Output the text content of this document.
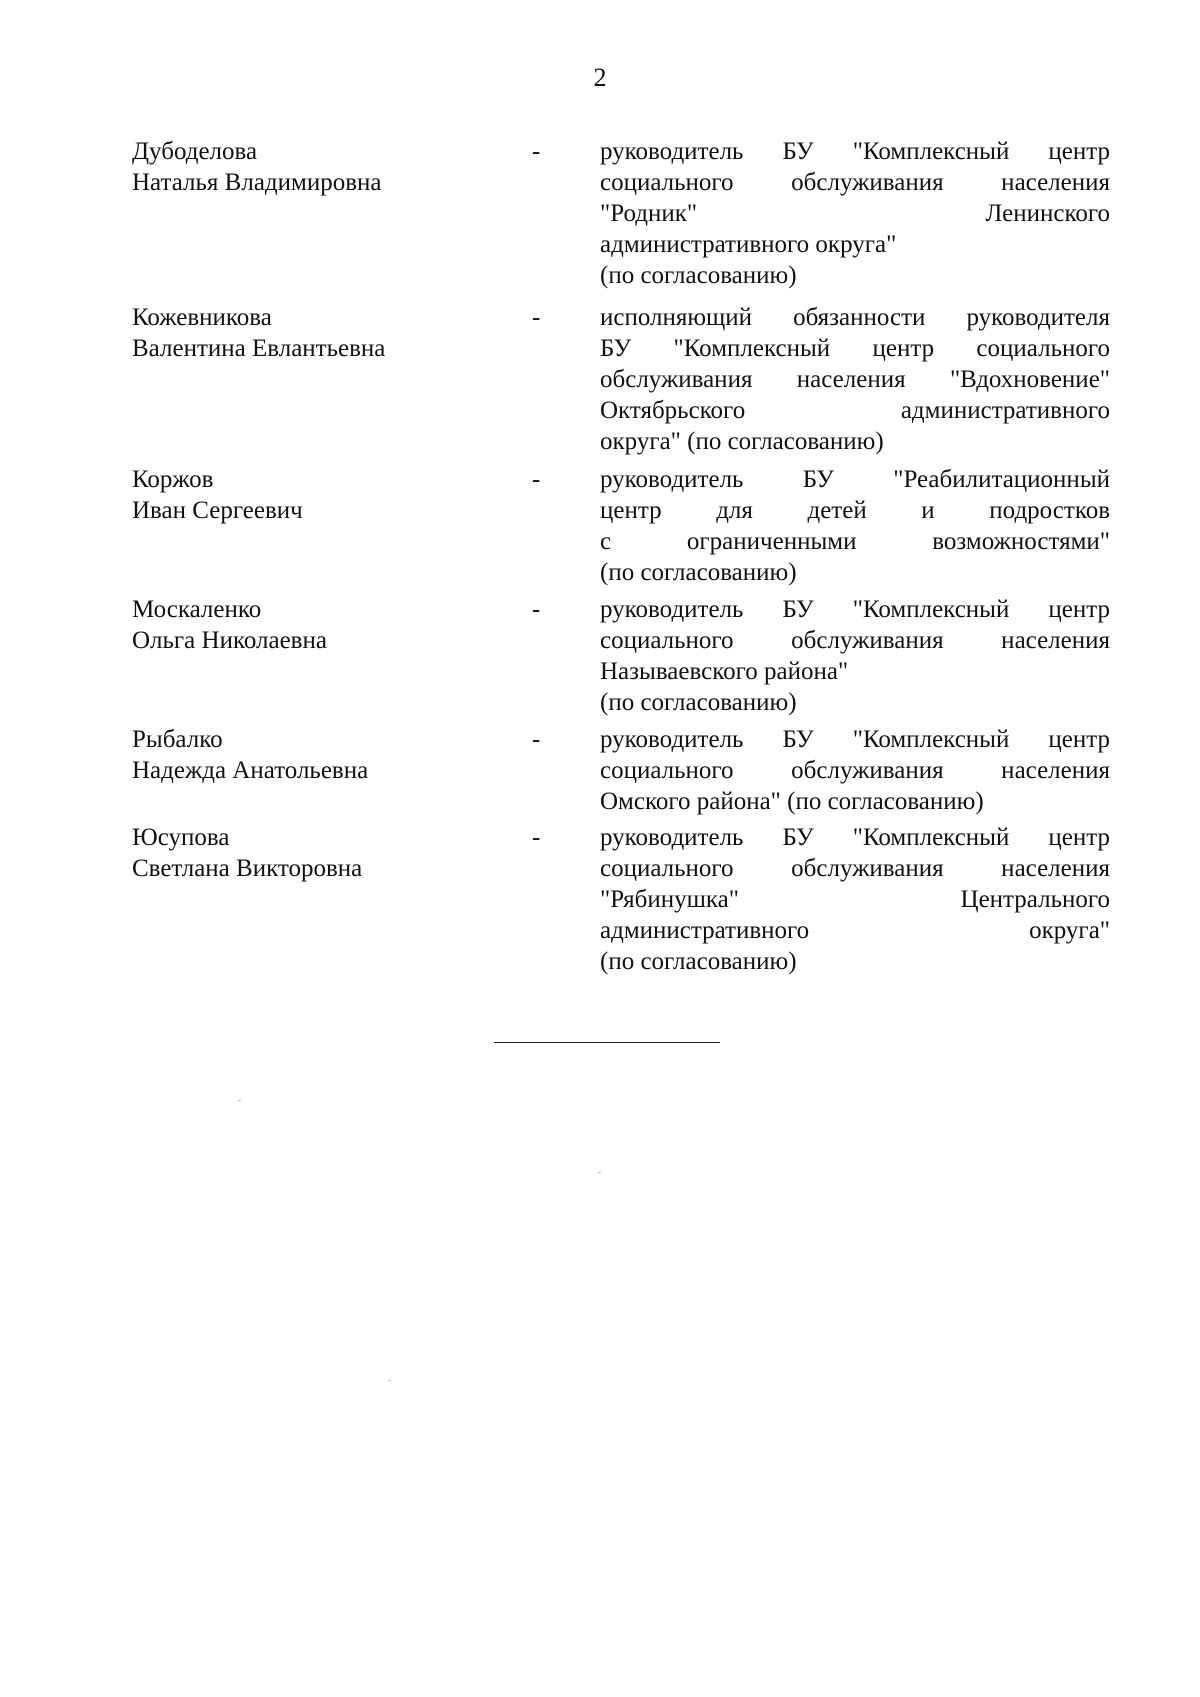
2
Дубоделова
Наталья Владимировна
- руководитель БУ "Комплексный центр
социального обслуживания населения
"Родник" Ленинского
административного округа"
(по согласованию)
Кожевникова
Валентина Евлантьевна
- исполняющий обязанности руководителя
БУ "Комплексный центр социального
обслуживания населения "Вдохновение"
Октябрьского административного
округа" (по согласованию)
Коржов
Иван Сергеевич
- руководитель БУ "Реабилитационный
центр для детей и подростков
с ограниченными возможностями"
(по согласованию)
Москаленко
Ольга Николаевна
- руководитель БУ "Комплексный центр
социального обслуживания населения
Называевского района"
(по согласованию)
Рыбалко
Надежда Анатольевна
- руководитель БУ "Комплексный центр
социального обслуживания населения
Омского района" (по согласованию)
Юсупова
Светлана Викторовна
- руководитель БУ "Комплексный центр
социального обслуживания населения
"Рябинушка" Центрального
административного округа"
(по согласованию)
